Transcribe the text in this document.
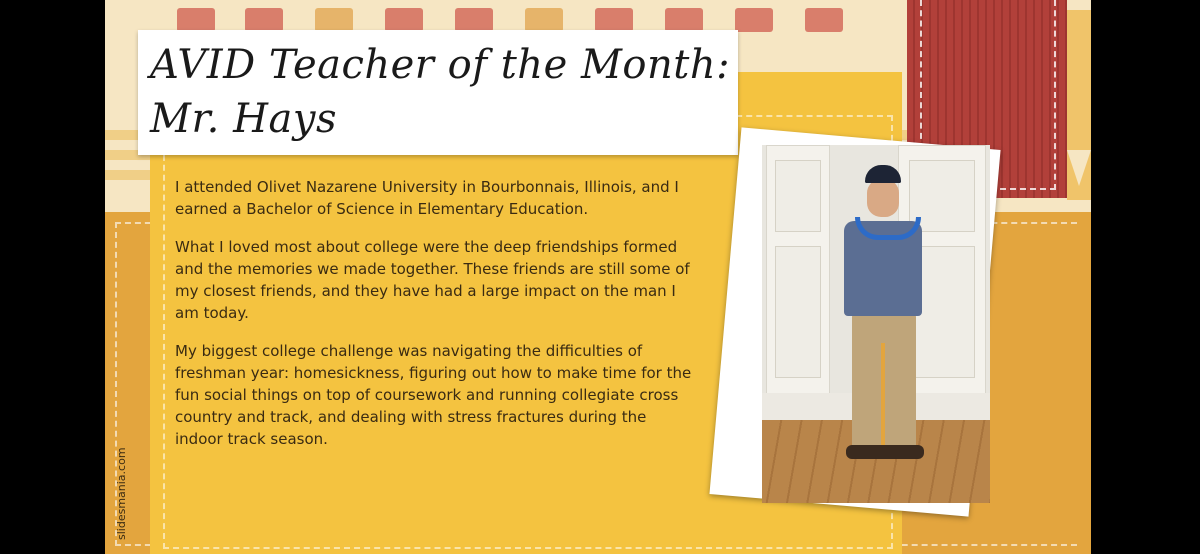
AVID Teacher of the Month:
Mr. Hays

I attended Olivet Nazarene University in Bourbonnais, Illinois, and I earned a Bachelor of Science in Elementary Education.

What I loved most about college were the deep friendships formed and the memories we made together. These friends are still some of my closest friends, and they have had a large impact on the man I am today.

My biggest college challenge was navigating the difficulties of freshman year: homesickness, figuring out how to make time for the fun social things on top of coursework and running collegiate cross country and track, and dealing with stress fractures during the indoor track season.

slidesmania.com
